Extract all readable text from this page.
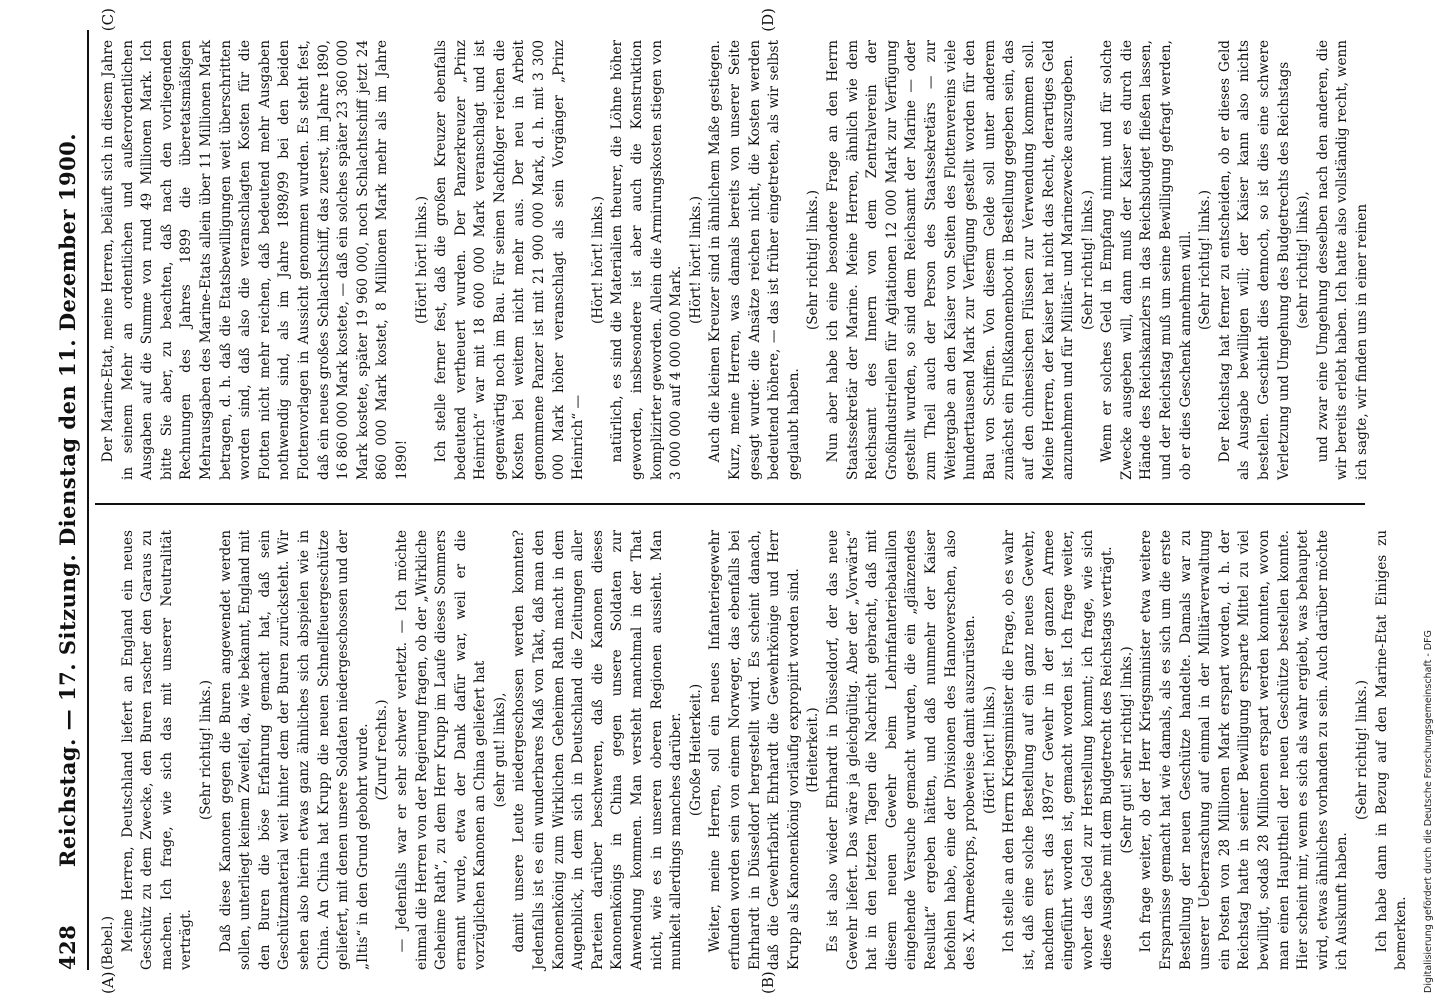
428
Reichstag. — 17. Sitzung. Dienstag den 11. Dezember 1900.
(A)	(B)

(Bebel.) Meine Herren, Deutschland liefert an England ein neues Geschütz zu dem Zwecke, den Buren rascher den Garaus zu machen. Ich frage, wie sich das mit unserer Neutralität verträgt.

(Sehr richtig! links.) Daß diese Kanonen gegen die Buren angewendet werden sollen, unterliegt keinem Zweifel, da, wie bekannt, England mit den Buren die böse Erfahrung gemacht hat, daß sein Geschützmaterial weit hinter dem der Buren zurücksteht. Wir sehen also hierin etwas ganz ähnliches sich abspielen wie in China. An China hat Krupp die neuen Schnellfeuergeschütze geliefert, mit denen unsere Soldaten niedergeschossen und der „Iltis“ in den Grund gebohrt wurde. (Zuruf rechts.) — Jedenfalls war er sehr schwer verletzt. — Ich möchte einmal die Herren von der Regierung fragen, ob der „Wirkliche Geheime Rath“, zu dem Herr Krupp im Laufe dieses Sommers ernannt wurde, etwa der Dank dafür war, weil er die vorzüglichen Kanonen an China geliefert hat (sehr gut! links), damit unsere Leute niedergeschossen werden konnten? Jedenfalls ist es ein wunderbares Maß von Takt, daß man den Kanonenkönig zum Wirklichen Geheimen Rath macht in dem Augenblick, in dem sich in Deutschland die Zeitungen aller Parteien darüber beschweren, daß die Kanonen dieses Kanonenkönigs in China gegen unsere Soldaten zur Anwendung kommen. Man versteht manchmal in der That nicht, wie es in unseren oberen Regionen aussieht. Man munkelt allerdings manches darüber. (Große Heiterkeit.) Weiter, meine Herren, soll ein neues Infanteriegewehr erfunden worden sein von einem Norweger, das ebenfalls bei Ehrhardt in Düsseldorf hergestellt wird. Es scheint danach, daß die Gewehrfabrik Ehrhardt die Gewehrkönige und Herr Krupp als Kanonenkönig vorläufig expropiirt worden sind. (Heiterkeit.) Es ist also wieder Ehrhardt in Düsseldorf, der das neue Gewehr liefert. Das wäre ja gleichgültig. Aber der „Vorwärts“ hat in den letzten Tagen die Nachricht gebracht, daß mit diesem neuen Gewehr beim Lehrinfanteriebataillon eingehende Versuche gemacht wurden, die ein „glänzendes Resultat“ ergeben hätten, und daß nunmehr der Kaiser befohlen habe, eine der Divisionen des Hannoverschen, also des X. Armeekorps, probeweise damit auszurüsten. (Hört! hört! links.) Ich stelle an den Herrn Kriegsminister die Frage, ob es wahr ist, daß eine solche Bestellung auf ein ganz neues Gewehr, nachdem erst das 1897er Gewehr in der ganzen Armee eingeführt worden ist, gemacht worden ist. Ich frage weiter, woher das Geld zur Herstellung kommt; ich frage, wie sich diese Ausgabe mit dem Budgetrecht des Reichstags verträgt. (Sehr gut! sehr richtig! links.) Ich frage weiter, ob der Herr Kriegsminister etwa weitere Ersparnisse gemacht hat wie damals, als es sich um die erste Bestellung der neuen Geschütze handelte. Damals war zu unserer Ueberraschung auf einmal in der Militärverwaltung ein Posten von 28 Millionen Mark erspart worden, d. h. der Reichstag hatte in seiner Bewilligung ersparte Mittel zu viel bewilligt, sodaß 28 Millionen erspart werden konnten, wovon man einen Haupttheil der neuen Geschütze bestellen konnte. Hier scheint mir, wenn es sich als wahr ergiebt, was behauptet wird, etwas ähnliches vorhanden zu sein. Auch darüber möchte ich Auskunft haben.

(Sehr richtig! links.) Ich habe dann in Bezug auf den Marine-Etat Einiges zu bemerken.

(C)	(D)

Der Marine-Etat, meine Herren, beläuft sich in diesem Jahre in seinem Mehr an ordentlichen und außerordentlichen Ausgaben auf die Summe von rund 49 Millionen Mark. Ich bitte Sie aber, zu beachten, daß nach den vorliegenden Rechnungen des Jahres 1899 die überetatsmäßigen Mehrausgaben des Marine-Etats allein über 11 Millionen Mark betragen, d. h. daß die Etatsbewilligungen weit überschritten worden sind, daß also die veranschlagten Kosten für die Flotten nicht mehr reichen, daß bedeutend mehr Ausgaben nothwendig sind, als im Jahre 1898/99 bei den beiden Flottenvorlagen in Aussicht genommen wurden. Es steht fest, daß ein neues großes Schlachtschiff, das zuerst, im Jahre 1890, 16 860 000 Mark kostete, — daß ein solches später 23 360 000 Mark kostete, später 19 960 000, noch Schlachtschiff jetzt 24 860 000 Mark kostet, 8 Millionen Mark mehr als im Jahre 1890!

(Hört! hört! links.) Ich stelle ferner fest, daß die großen Kreuzer ebenfalls bedeutend vertheuert wurden. Der Panzerkreuzer „Prinz Heinrich“ war mit 18 600 000 Mark veranschlagt und ist gegenwärtig noch im Bau. Für seinen Nachfolger reichen die Kosten bei weitem nicht mehr aus. Der neu in Arbeit genommene Panzer ist mit 21 900 000 Mark, d. h. mit 3 300 000 Mark höher veranschlagt als sein Vorgänger „Prinz Heinrich“ —

(Hört! hört! links.) natürlich, es sind die Materialien theurer, die Löhne höher geworden, insbesondere ist aber auch die Konstruktion komplizirter geworden. Allein die Armirungskosten stiegen von 3 000 000 auf 4 000 000 Mark.

(Hört! hört! links.) Auch die kleinen Kreuzer sind in ähnlichem Maße gestiegen. Kurz, meine Herren, was damals bereits von unserer Seite gesagt wurde: die Ansätze reichen nicht, die Kosten werden bedeutend höhere, — das ist früher eingetreten, als wir selbst geglaubt haben.

(Sehr richtig! links.) Nun aber habe ich eine besondere Frage an den Herrn Staatssekretär der Marine. Meine Herren, ähnlich wie dem Reichsamt des Innern von dem Zentralverein der Großindustriellen für Agitationen 12 000 Mark zur Verfügung gestellt wurden, so sind dem Reichsamt der Marine — oder zum Theil auch der Person des Staatssekretärs — zur Weitergabe an den Kaiser von Seiten des Flottenvereins viele hunderttausend Mark zur Verfügung gestellt worden für den Bau von Schiffen. Von diesem Gelde soll unter anderem zunächst ein Flußkanonenboot in Bestellung gegeben sein, das auf den chinesischen Flüssen zur Verwendung kommen soll. Meine Herren, der Kaiser hat nicht das Recht, derartiges Geld anzunehmen und für Militär- und Marinezwecke auszugeben. (Sehr richtig! links.) Wenn er solches Geld in Empfang nimmt und für solche Zwecke ausgeben will, dann muß der Kaiser es durch die Hände des Reichskanzlers in das Reichsbudget fließen lassen, und der Reichstag muß um seine Bewilligung gefragt werden, ob er dies Geschenk annehmen will. (Sehr richtig! links.) Der Reichstag hat ferner zu entscheiden, ob er dieses Geld als Ausgabe bewilligen will; der Kaiser kann also nichts bestellen. Geschieht dies dennoch, so ist dies eine schwere Verletzung und Umgehung des Budgetrechts des Reichstags (sehr richtig! links), und zwar eine Umgehung desselben nach den anderen, die wir bereits erlebt haben. Ich hatte also vollständig recht, wenn ich sagte, wir finden uns in einer reinen

Digitalisierung gefördert durch die Deutsche Forschungsgemeinschaft - DFG
